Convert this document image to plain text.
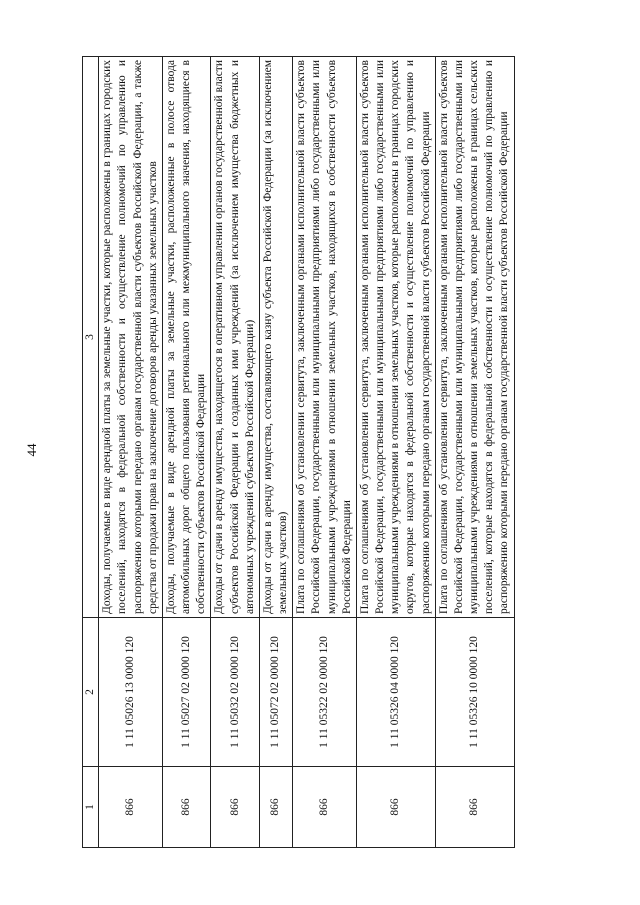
44
1	2	3
866	1 11 05026 13 0000 120	Доходы, получаемые в виде арендной платы за земельные участки, которые расположены в границах городских поселений, находятся в федеральной собственности и осуществление полномочий по управлению и распоряжению которыми передано органам государственной власти субъектов Российской Федерации, а также средства от продажи права на заключение договоров аренды указанных земельных участков
866	1 11 05027 02 0000 120	Доходы, получаемые в виде арендной платы за земельные участки, расположенные в полосе отвода автомобильных дорог общего пользования регионального или межмуниципального значения, находящиеся в собственности субъектов Российской Федерации
866	1 11 05032 02 0000 120	Доходы от сдачи в аренду имущества, находящегося в оперативном управлении органов государственной власти субъектов Российской Федерации и созданных ими учреждений (за исключением имущества бюджетных и автономных учреждений субъектов Российской Федерации)
866	1 11 05072 02 0000 120	Доходы от сдачи в аренду имущества, составляющего казну субъекта Российской Федерации (за исключением земельных участков)
866	1 11 05322 02 0000 120	Плата по соглашениям об установлении сервитута, заключенным органами исполнительной власти субъектов Российской Федерации, государственными или муниципальными предприятиями либо государственными или муниципальными учреждениями в отношении земельных участков, находящихся в собственности субъектов Российской Федерации
866	1 11 05326 04 0000 120	Плата по соглашениям об установлении сервитута, заключенным органами исполнительной власти субъектов Российской Федерации, государственными или муниципальными предприятиями либо государственными или муниципальными учреждениями в отношении земельных участков, которые расположены в границах городских округов, которые находятся в федеральной собственности и осуществление полномочий по управлению и распоряжению которыми передано органам государственной власти субъектов Российской Федерации
866	1 11 05326 10 0000 120	Плата по соглашениям об установлении сервитута, заключенным органами исполнительной власти субъектов Российской Федерации, государственными или муниципальными предприятиями либо государственными или муниципальными учреждениями в отношении земельных участков, которые расположены в границах сельских поселений, которые находятся в федеральной собственности и осуществление полномочий по управлению и распоряжению которыми передано органам государственной власти субъектов Российской Федерации
